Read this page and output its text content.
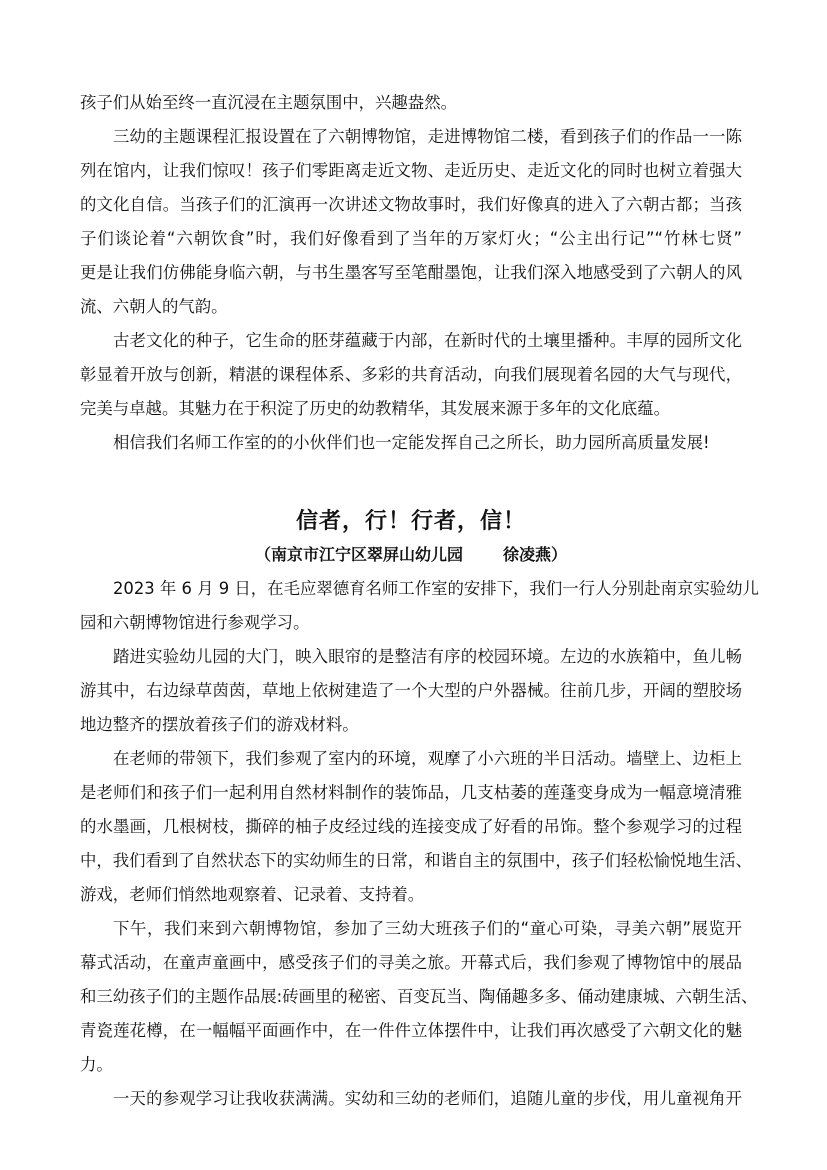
孩子们从始至终一直沉浸在主题氛围中，兴趣盎然。
三幼的主题课程汇报设置在了六朝博物馆，走进博物馆二楼，看到孩子们的作品一一陈
列在馆内，让我们惊叹！孩子们零距离走近文物、走近历史、走近文化的同时也树立着强大
的文化自信。当孩子们的汇演再一次讲述文物故事时，我们好像真的进入了六朝古都；当孩
子们谈论着“六朝饮食”时，我们好像看到了当年的万家灯火；“公主出行记”“竹林七贤”
更是让我们仿佛能身临六朝，与书生墨客写至笔酣墨饱，让我们深入地感受到了六朝人的风
流、六朝人的气韵。
古老文化的种子，它生命的胚芽蕴藏于内部，在新时代的土壤里播种。丰厚的园所文化
彰显着开放与创新，精湛的课程体系、多彩的共育活动，向我们展现着名园的大气与现代，
完美与卓越。其魅力在于积淀了历史的幼教精华，其发展来源于多年的文化底蕴。
相信我们名师工作室的的小伙伴们也一定能发挥自己之所长，助力园所高质量发展!
信者，行！行者，信！
（南京市江宁区翠屏山幼儿园	徐凌燕）
2023 年 6 月 9 日，在毛应翠德育名师工作室的安排下，我们一行人分别赴南京实验幼儿
园和六朝博物馆进行参观学习。
踏进实验幼儿园的大门，映入眼帘的是整洁有序的校园环境。左边的水族箱中，鱼儿畅
游其中，右边绿草茵茵，草地上依树建造了一个大型的户外器械。往前几步，开阔的塑胶场
地边整齐的摆放着孩子们的游戏材料。
在老师的带领下，我们参观了室内的环境，观摩了小六班的半日活动。墙壁上、边柜上
是老师们和孩子们一起利用自然材料制作的装饰品，几支枯萎的莲蓬变身成为一幅意境清雅
的水墨画，几根树枝，撕碎的柚子皮经过线的连接变成了好看的吊饰。整个参观学习的过程
中，我们看到了自然状态下的实幼师生的日常，和谐自主的氛围中，孩子们轻松愉悦地生活、
游戏，老师们悄然地观察着、记录着、支持着。
下午，我们来到六朝博物馆，参加了三幼大班孩子们的“童心可染，寻美六朝”展览开
幕式活动，在童声童画中，感受孩子们的寻美之旅。开幕式后，我们参观了博物馆中的展品
和三幼孩子们的主题作品展:砖画里的秘密、百变瓦当、陶俑趣多多、俑动建康城、六朝生活、
青瓷莲花樽，在一幅幅平面画作中，在一件件立体摆件中，让我们再次感受了六朝文化的魅
力。
一天的参观学习让我收获满满。实幼和三幼的老师们，追随儿童的步伐，用儿童视角开
